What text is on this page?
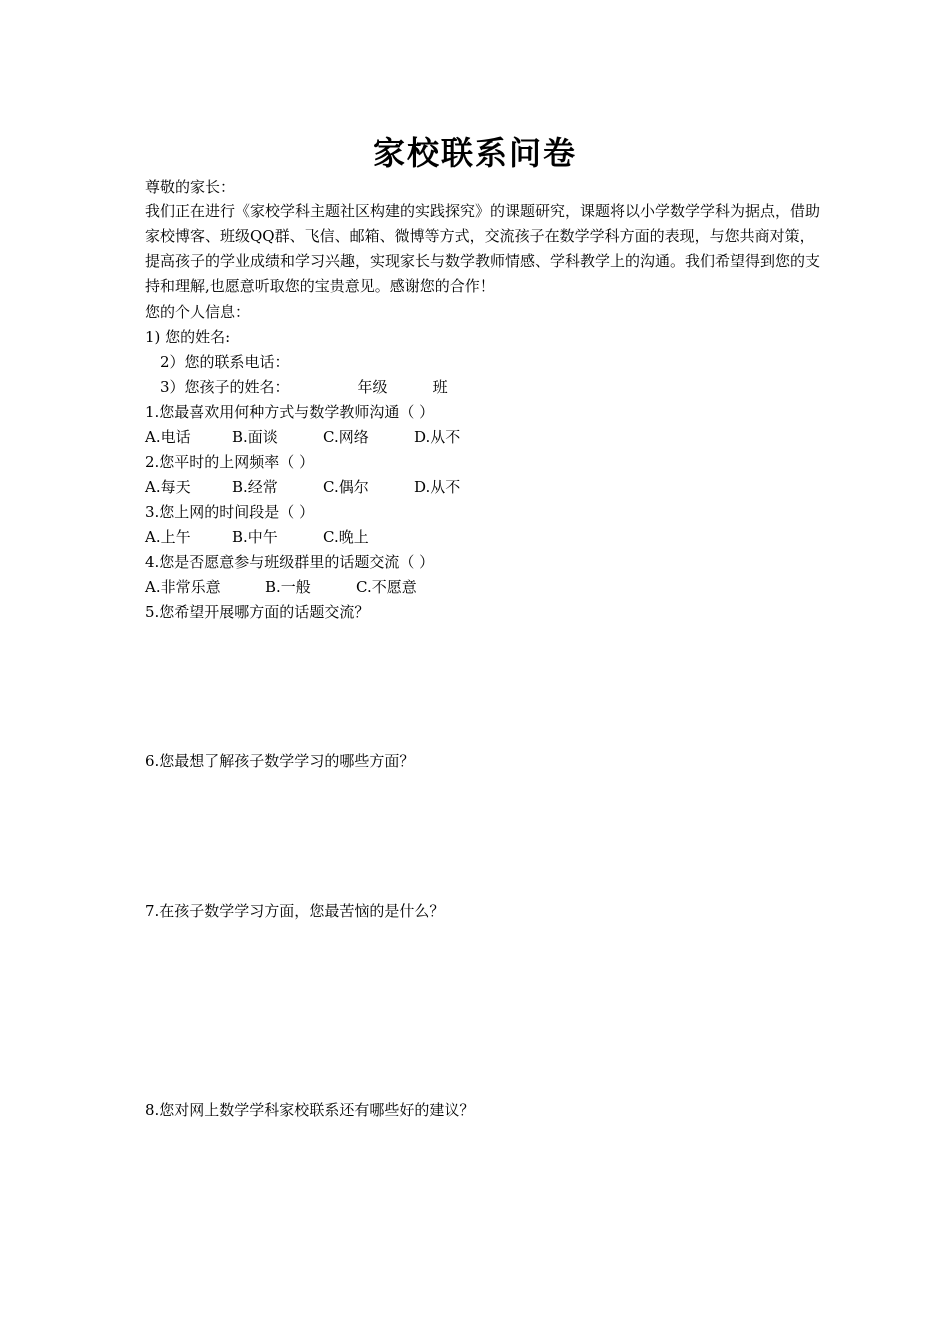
家校联系问卷
尊敬的家长：
我们正在进行《家校学科主题社区构建的实践探究》的课题研究，课题将以小学数学学科为据点，借助家校博客、班级QQ群、飞信、邮箱、微博等方式，交流孩子在数学学科方面的表现，与您共商对策，提高孩子的学业成绩和学习兴趣，实现家长与数学教师情感、学科教学上的沟通。我们希望得到您的支持和理解,也愿意听取您的宝贵意见。感谢您的合作！
您的个人信息：
1) 您的姓名:
2）您的联系电话：
3）您孩子的姓名：	年级	班
1.您最喜欢用何种方式与数学教师沟通（ ）
A.电话	B.面谈	C.网络	D.从不
2.您平时的上网频率（ ）
A.每天	B.经常	C.偶尔	D.从不
3.您上网的时间段是（ ）
A.上午	B.中午	C.晚上
4.您是否愿意参与班级群里的话题交流（ ）
A.非常乐意	B.一般	C.不愿意
5.您希望开展哪方面的话题交流？
6.您最想了解孩子数学学习的哪些方面？
7.在孩子数学学习方面，您最苦恼的是什么？
8.您对网上数学学科家校联系还有哪些好的建议？
